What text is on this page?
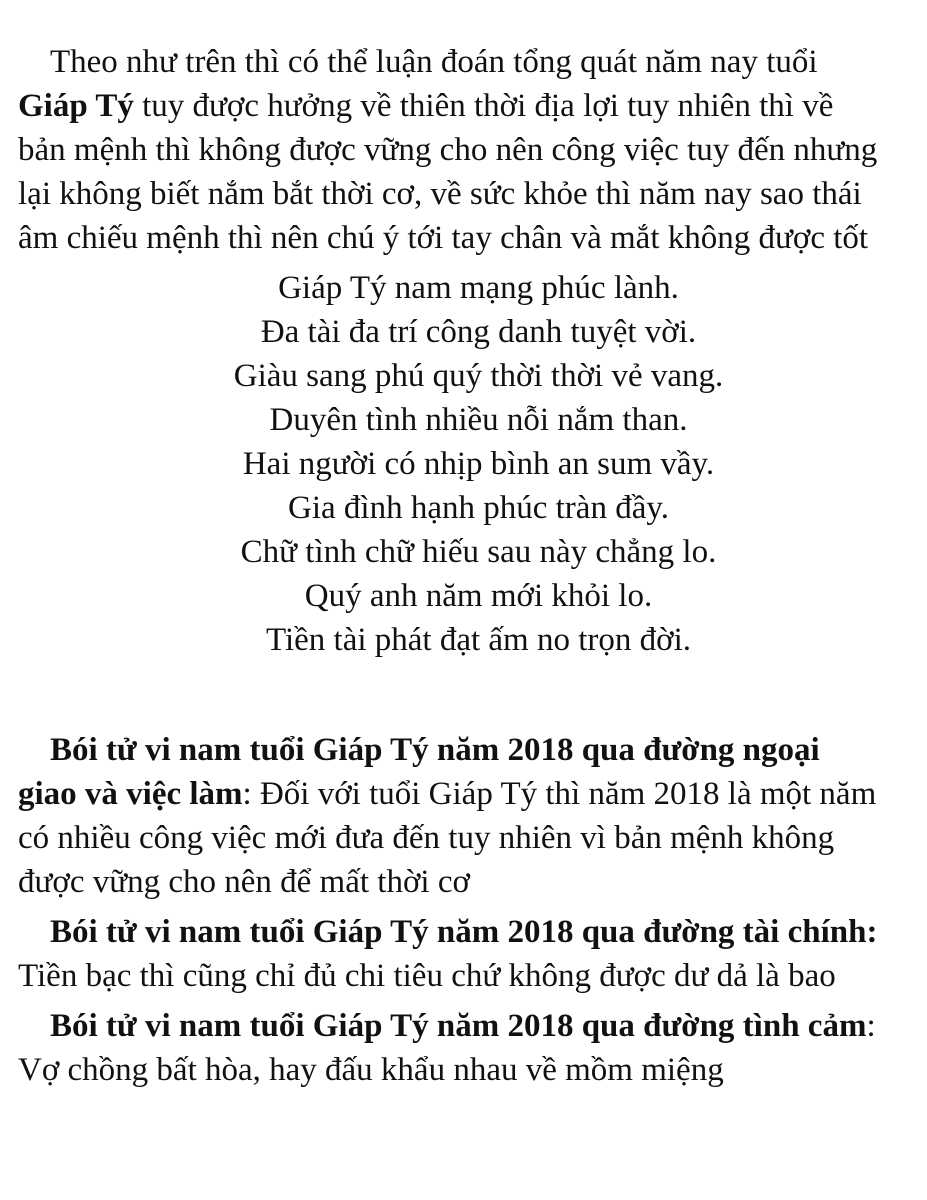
Theo như trên thì có thể luận đoán tổng quát năm nay tuổi
Giáp Tý tuy được hưởng về thiên thời địa lợi tuy nhiên thì về
bản mệnh thì không được vững cho nên công việc tuy đến nhưng
lại không biết nắm bắt thời cơ, về sức khỏe thì năm nay sao thái
âm chiếu mệnh thì nên chú ý tới tay chân và mắt không được tốt
Giáp Tý nam mạng phúc lành.
Đa tài đa trí công danh tuyệt vời.
Giàu sang phú quý thời thời vẻ vang.
Duyên tình nhiều nỗi nắm than.
Hai người có nhịp bình an sum vầy.
Gia đình hạnh phúc tràn đầy.
Chữ tình chữ hiếu sau này chẳng lo.
Quý anh năm mới khỏi lo.
Tiền tài phát đạt ấm no trọn đời.
Bói tử vi nam tuổi Giáp Tý năm 2018 qua đường ngoại
giao và việc làm: Đối với tuổi Giáp Tý thì năm 2018 là một năm
có nhiều công việc mới đưa đến tuy nhiên vì bản mệnh không
được vững cho nên để mất thời cơ
Bói tử vi nam tuổi Giáp Tý năm 2018 qua đường tài chính:
Tiền bạc thì cũng chỉ đủ chi tiêu chứ không được dư dả là bao
Bói tử vi nam tuổi Giáp Tý năm 2018 qua đường tình cảm:
Vợ chồng bất hòa, hay đấu khẩu nhau về mồm miệng
